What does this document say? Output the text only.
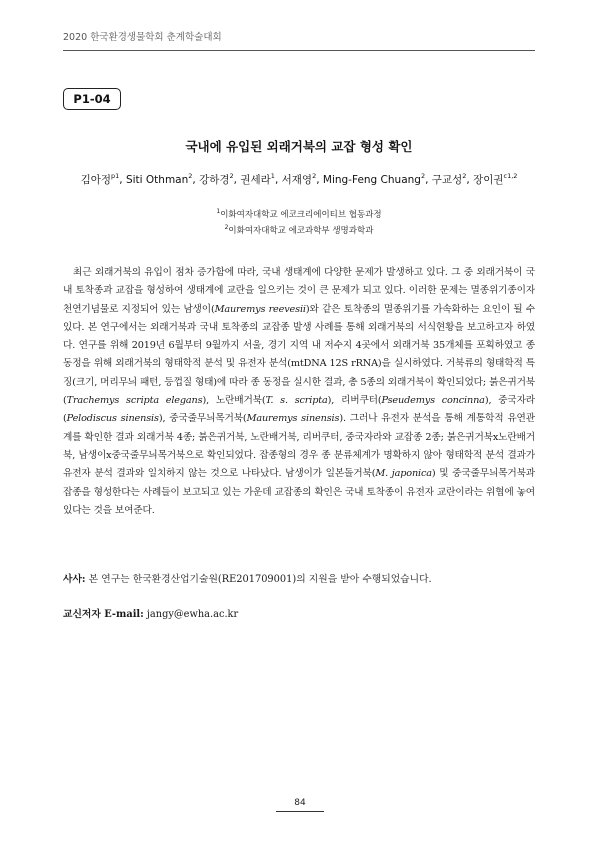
2020 한국환경생물학회 춘계학술대회
P1-04
국내에 유입된 외래거북의 교잡 형성 확인
김아정$^{p1}$, Siti Othman$^2$, 강하경$^2$, 권세라$^1$, 서재영$^2$, Ming-Feng Chuang$^2$, 구교성$^2$, 장이권$^{c1,2}$
$^1$이화여자대학교 에코크리에이티브 협동과정
$^2$이화여자대학교 에코과학부 생명과학과

최근 외래거북의 유입이 점차 증가함에 따라, 국내 생태계에 다양한 문제가 발생하고 있다. 그 중 외래거북이 국내 토착종과 교잡을 형성하여 생태계에 교란을 일으키는 것이 큰 문제가 되고 있다. 이러한 문제는 멸종위기종이자 천연기념물로 지정되어 있는 남생이(Mauremys reevesii)와 같은 토착종의 멸종위기를 가속화하는 요인이 될 수 있다. 본 연구에서는 외래거북과 국내 토착종의 교잡종 발생 사례를 통해 외래거북의 서식현황을 보고하고자 하였다. 연구를 위해 2019년 6월부터 9월까지 서울, 경기 지역 내 저수지 4곳에서 외래거북 35개체를 포획하였고 종 동정을 위해 외래거북의 형태학적 분석 및 유전자 분석(mtDNA 12S rRNA)을 실시하였다. 거북류의 형태학적 특징(크기, 머리무늬 패턴, 등껍질 형태)에 따라 종 동정을 실시한 결과, 총 5종의 외래거북이 확인되었다; 붉은귀거북(Trachemys scripta elegans), 노란배거북(T. s. scripta), 리버쿠터(Pseudemys concinna), 중국자라(Pelodiscus sinensis), 중국줄무늬목거북(Mauremys sinensis). 그러나 유전자 분석을 통해 계통학적 유연관계를 확인한 결과 외래거북 4종; 붉은귀거북, 노란배거북, 리버쿠터, 중국자라와 교잡종 2종; 붉은귀거북x노란배거북, 남생이x중국줄무늬목거북으로 확인되었다. 잡종형의 경우 종 분류체계가 명확하지 않아 형태학적 분석 결과가 유전자 분석 결과와 일치하지 않는 것으로 나타났다. 남생이가 일본돌거북(M. japonica) 및 중국줄무늬목거북과 잡종을 형성한다는 사례들이 보고되고 있는 가운데 교잡종의 확인은 국내 토착종이 유전자 교란이라는 위협에 놓여있다는 것을 보여준다.

사사: 본 연구는 한국환경산업기술원(RE201709001)의 지원을 받아 수행되었습니다.
교신저자 E-mail: jangy@ewha.ac.kr
84
